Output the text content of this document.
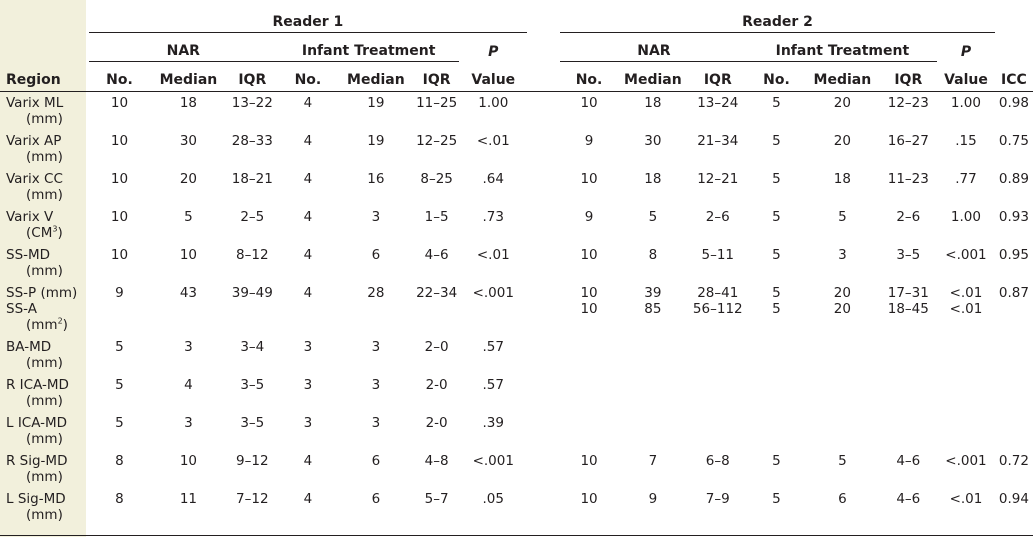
	Reader 1								Reader 2							
	NAR			Infant Treatment			P		NAR			Infant Treatment			P	
Region	No.	Median	IQR	No.	Median	IQR	Value		No.	Median	IQR	No.	Median	IQR	Value	ICC

Varix ML
(mm)	10	18	13–22	4	19	11–25	1.00		10	18	13–24	5	20	12–23	1.00	0.98

Varix AP
(mm)	10	30	28–33	4	19	12–25	<.01		9	30	21–34	5	20	16–27	.15	0.75

Varix CC
(mm)	10	20	18–21	4	16	8–25	.64		10	18	12–21	5	18	11–23	.77	0.89

Varix V
$(CM^3)$	10	5	2–5	4	3	1–5	.73		9	5	2–6	5	5	2–6	1.00	0.93

SS-MD
(mm)	10	10	8–12	4	6	4–6	<.01		10	8	5–11	5	3	3–5	<.001	0.95

SS-P (mm)	9	43	39–49	4	28	22–34	<.001		10	39	28–41	5	20	17–31	<.01	0.87

SS-A
$(mm^2)$									10	85	56–112	5	20	18–45	<.01	

BA-MD
(mm)	5	3	3–4	3	3	2–0	.57									

R ICA-MD
(mm)	5	4	3–5	3	3	2-0	.57									

L ICA-MD
(mm)	5	3	3–5	3	3	2-0	.39									

R Sig-MD
(mm)	8	10	9–12	4	6	4–8	<.001		10	7	6–8	5	5	4–6	<.001	0.72

L Sig-MD
(mm)	8	11	7–12	4	6	5–7	.05		10	9	7–9	5	6	4–6	<.01	0.94
